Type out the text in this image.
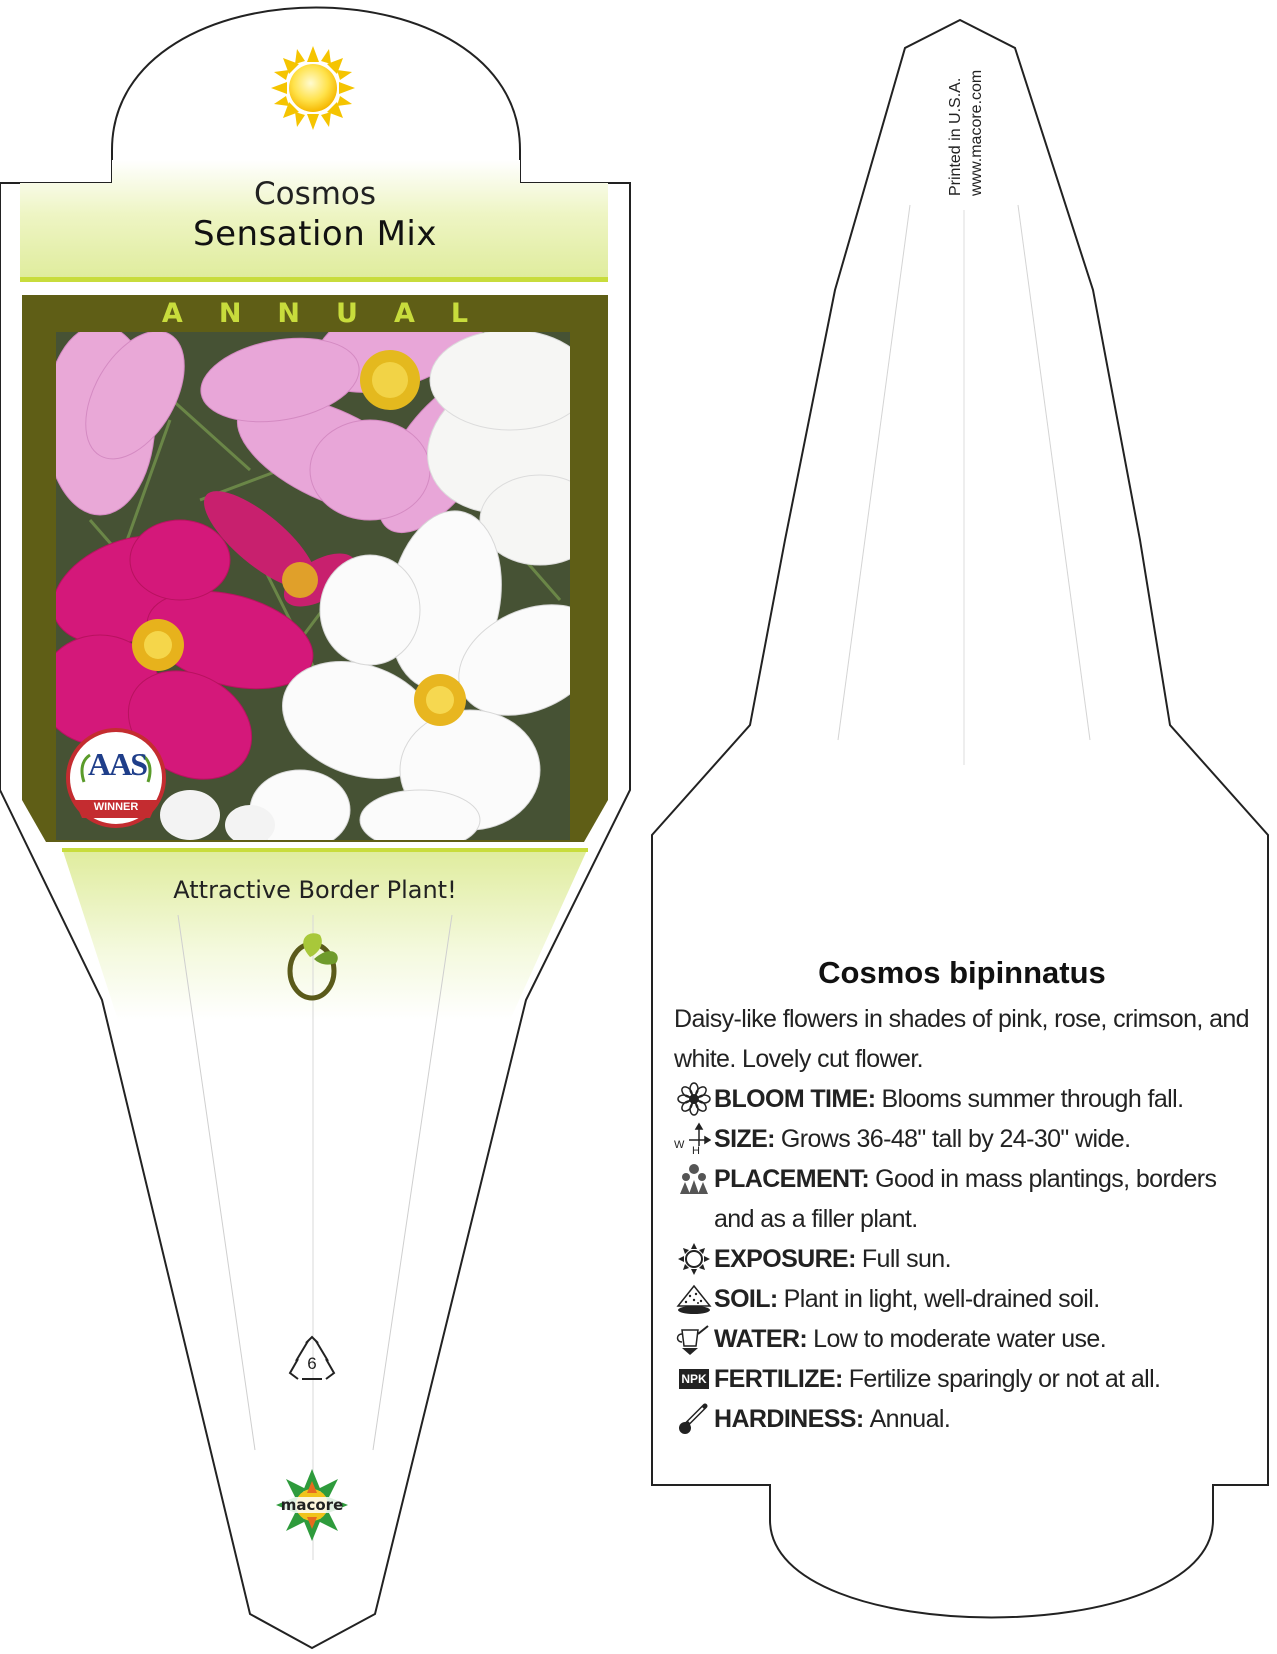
Cosmos
Sensation Mix
A N N U A L
AAS
WINNER
Attractive Border Plant!
6
macore
Printed in U.S.A. www.macore.com
Cosmos bipinnatus

Daisy-like flowers in shades of pink, rose, crimson, and white. Lovely cut flower.

BLOOM TIME: Blooms summer through fall.
W H SIZE: Grows 36-48" tall by 24-30" wide.
PLACEMENT: Good in mass plantings, borders and as a filler plant.
EXPOSURE: Full sun.
SOIL: Plant in light, well-drained soil.
WATER: Low to moderate water use.
NPK FERTILIZE: Fertilize sparingly or not at all.
HARDINESS: Annual.
